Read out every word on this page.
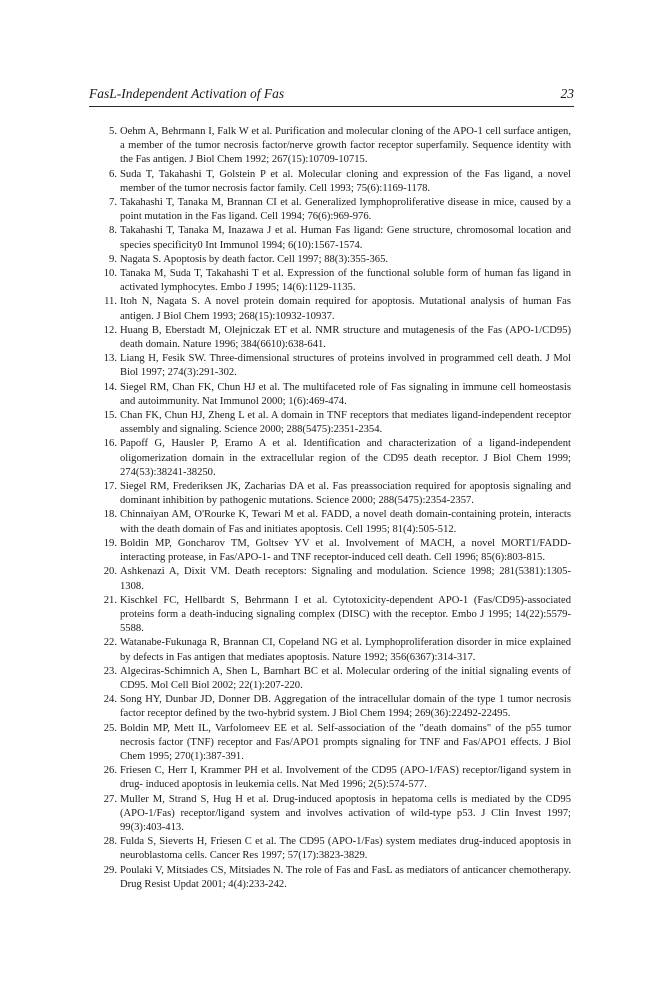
FasL-Independent Activation of Fas	23
5. Oehm A, Behrmann I, Falk W et al. Purification and molecular cloning of the APO-1 cell surface antigen, a member of the tumor necrosis factor/nerve growth factor receptor superfamily. Sequence identity with the Fas antigen. J Biol Chem 1992; 267(15):10709-10715.
6. Suda T, Takahashi T, Golstein P et al. Molecular cloning and expression of the Fas ligand, a novel member of the tumor necrosis factor family. Cell 1993; 75(6):1169-1178.
7. Takahashi T, Tanaka M, Brannan CI et al. Generalized lymphoproliferative disease in mice, caused by a point mutation in the Fas ligand. Cell 1994; 76(6):969-976.
8. Takahashi T, Tanaka M, Inazawa J et al. Human Fas ligand: Gene structure, chromosomal location and species specificity0 Int Immunol 1994; 6(10):1567-1574.
9. Nagata S. Apoptosis by death factor. Cell 1997; 88(3):355-365.
10. Tanaka M, Suda T, Takahashi T et al. Expression of the functional soluble form of human fas ligand in activated lymphocytes. Embo J 1995; 14(6):1129-1135.
11. Itoh N, Nagata S. A novel protein domain required for apoptosis. Mutational analysis of human Fas antigen. J Biol Chem 1993; 268(15):10932-10937.
12. Huang B, Eberstadt M, Olejniczak ET et al. NMR structure and mutagenesis of the Fas (APO-1/CD95) death domain. Nature 1996; 384(6610):638-641.
13. Liang H, Fesik SW. Three-dimensional structures of proteins involved in programmed cell death. J Mol Biol 1997; 274(3):291-302.
14. Siegel RM, Chan FK, Chun HJ et al. The multifaceted role of Fas signaling in immune cell homeostasis and autoimmunity. Nat Immunol 2000; 1(6):469-474.
15. Chan FK, Chun HJ, Zheng L et al. A domain in TNF receptors that mediates ligand-independent receptor assembly and signaling. Science 2000; 288(5475):2351-2354.
16. Papoff G, Hausler P, Eramo A et al. Identification and characterization of a ligand-independent oligomerization domain in the extracellular region of the CD95 death receptor. J Biol Chem 1999; 274(53):38241-38250.
17. Siegel RM, Frederiksen JK, Zacharias DA et al. Fas preassociation required for apoptosis signaling and dominant inhibition by pathogenic mutations. Science 2000; 288(5475):2354-2357.
18. Chinnaiyan AM, O'Rourke K, Tewari M et al. FADD, a novel death domain-containing protein, interacts with the death domain of Fas and initiates apoptosis. Cell 1995; 81(4):505-512.
19. Boldin MP, Goncharov TM, Goltsev YV et al. Involvement of MACH, a novel MORT1/FADD-interacting protease, in Fas/APO-1- and TNF receptor-induced cell death. Cell 1996; 85(6):803-815.
20. Ashkenazi A, Dixit VM. Death receptors: Signaling and modulation. Science 1998; 281(5381):1305-1308.
21. Kischkel FC, Hellbardt S, Behrmann I et al. Cytotoxicity-dependent APO-1 (Fas/CD95)-associated proteins form a death-inducing signaling complex (DISC) with the receptor. Embo J 1995; 14(22):5579-5588.
22. Watanabe-Fukunaga R, Brannan CI, Copeland NG et al. Lymphoproliferation disorder in mice explained by defects in Fas antigen that mediates apoptosis. Nature 1992; 356(6367):314-317.
23. Algeciras-Schimnich A, Shen L, Barnhart BC et al. Molecular ordering of the initial signaling events of CD95. Mol Cell Biol 2002; 22(1):207-220.
24. Song HY, Dunbar JD, Donner DB. Aggregation of the intracellular domain of the type 1 tumor necrosis factor receptor defined by the two-hybrid system. J Biol Chem 1994; 269(36):22492-22495.
25. Boldin MP, Mett IL, Varfolomeev EE et al. Self-association of the "death domains" of the p55 tumor necrosis factor (TNF) receptor and Fas/APO1 prompts signaling for TNF and Fas/APO1 effects. J Biol Chem 1995; 270(1):387-391.
26. Friesen C, Herr I, Krammer PH et al. Involvement of the CD95 (APO-1/FAS) receptor/ligand system in drug- induced apoptosis in leukemia cells. Nat Med 1996; 2(5):574-577.
27. Muller M, Strand S, Hug H et al. Drug-induced apoptosis in hepatoma cells is mediated by the CD95 (APO-1/Fas) receptor/ligand system and involves activation of wild-type p53. J Clin Invest 1997; 99(3):403-413.
28. Fulda S, Sieverts H, Friesen C et al. The CD95 (APO-1/Fas) system mediates drug-induced apoptosis in neuroblastoma cells. Cancer Res 1997; 57(17):3823-3829.
29. Poulaki V, Mitsiades CS, Mitsiades N. The role of Fas and FasL as mediators of anticancer chemotherapy. Drug Resist Updat 2001; 4(4):233-242.
